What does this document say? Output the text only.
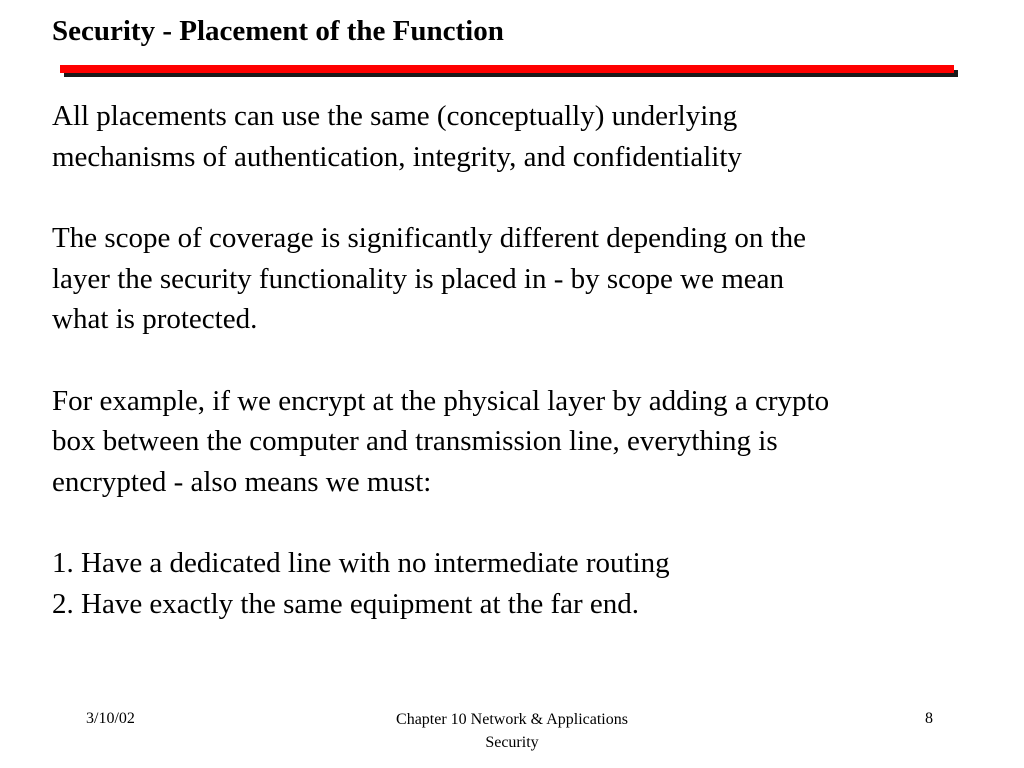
Security - Placement of the Function

All placements can use the same (conceptually) underlying
mechanisms of authentication, integrity, and confidentiality

The scope of coverage is significantly different depending on the
layer the security functionality is placed in - by scope we mean
what is protected.

For example, if we encrypt at the physical layer by adding a crypto
box between the computer and transmission line, everything is
encrypted - also means we must:

1. Have a dedicated line with no intermediate routing
2. Have exactly the same equipment at the far end.

3/10/02	Chapter 10 Network & Applications
Security
8
